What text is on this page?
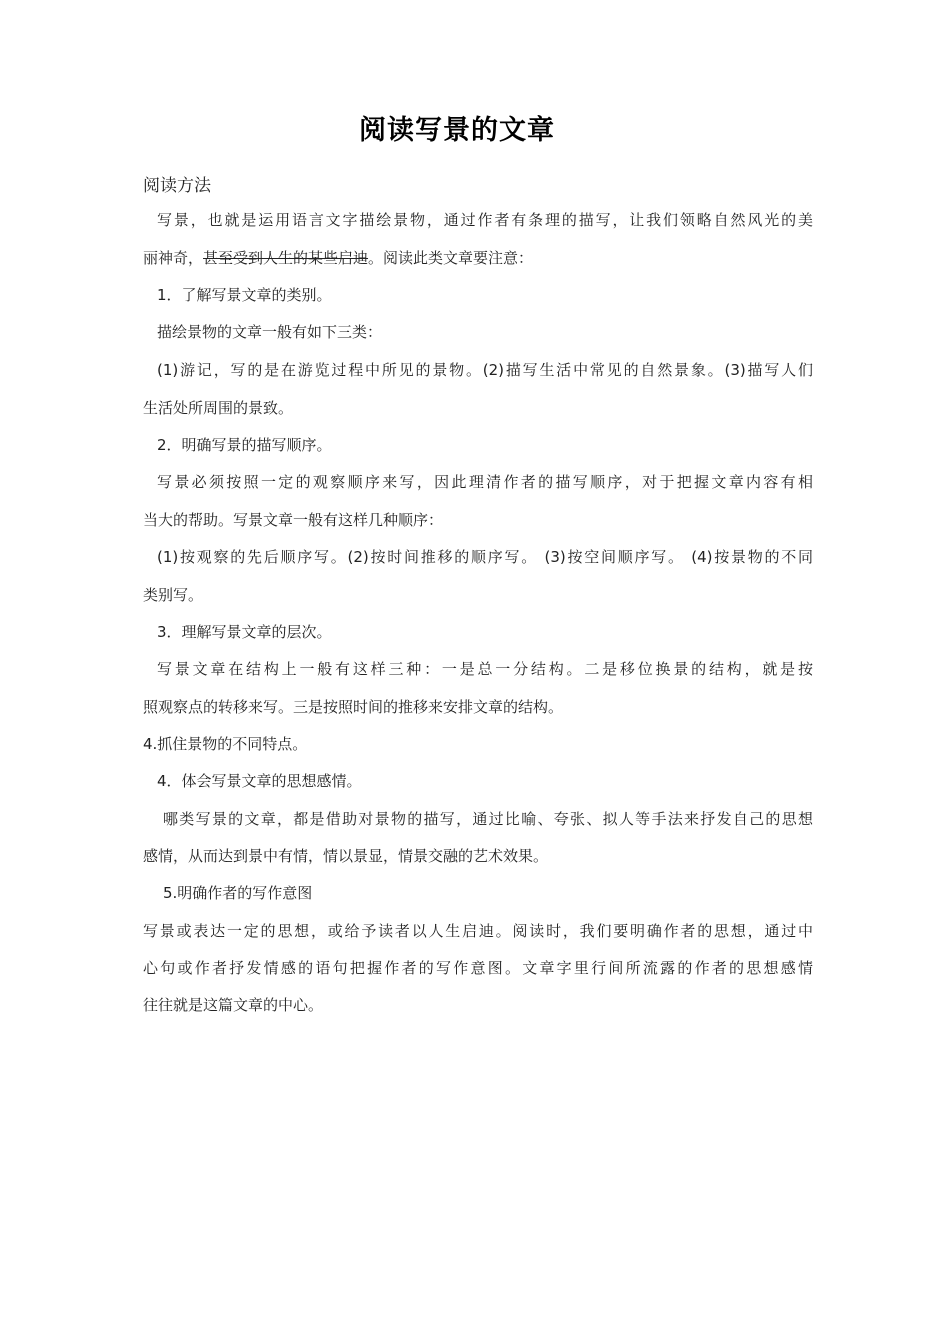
阅读写景的文章
阅读方法
写景，也就是运用语言文字描绘景物，通过作者有条理的描写，让我们领略自然风光的美
丽神奇，甚至受到人生的某些启迪。阅读此类文章要注意：
1．了解写景文章的类别。
描绘景物的文章一般有如下三类：
(1)游记，写的是在游览过程中所见的景物。(2)描写生活中常见的自然景象。(3)描写人们
生活处所周围的景致。
2．明确写景的描写顺序。
写景必须按照一定的观察顺序来写，因此理清作者的描写顺序，对于把握文章内容有相
当大的帮助。写景文章一般有这样几种顺序：
(1)按观察的先后顺序写。(2)按时间推移的顺序写。 (3)按空间顺序写。 (4)按景物的不同
类别写。
3．理解写景文章的层次。
写景文章在结构上一般有这样三种：一是总一分结构。二是移位换景的结构，就是按
照观察点的转移来写。三是按照时间的推移来安排文章的结构。
4.抓住景物的不同特点。
4．体会写景文章的思想感情。
哪类写景的文章，都是借助对景物的描写，通过比喻、夸张、拟人等手法来抒发自己的思想
感情，从而达到景中有情，情以景显，情景交融的艺术效果。
5.明确作者的写作意图
写景或表达一定的思想，或给予读者以人生启迪。阅读时，我们要明确作者的思想，通过中
心句或作者抒发情感的语句把握作者的写作意图。文章字里行间所流露的作者的思想感情
往往就是这篇文章的中心。
